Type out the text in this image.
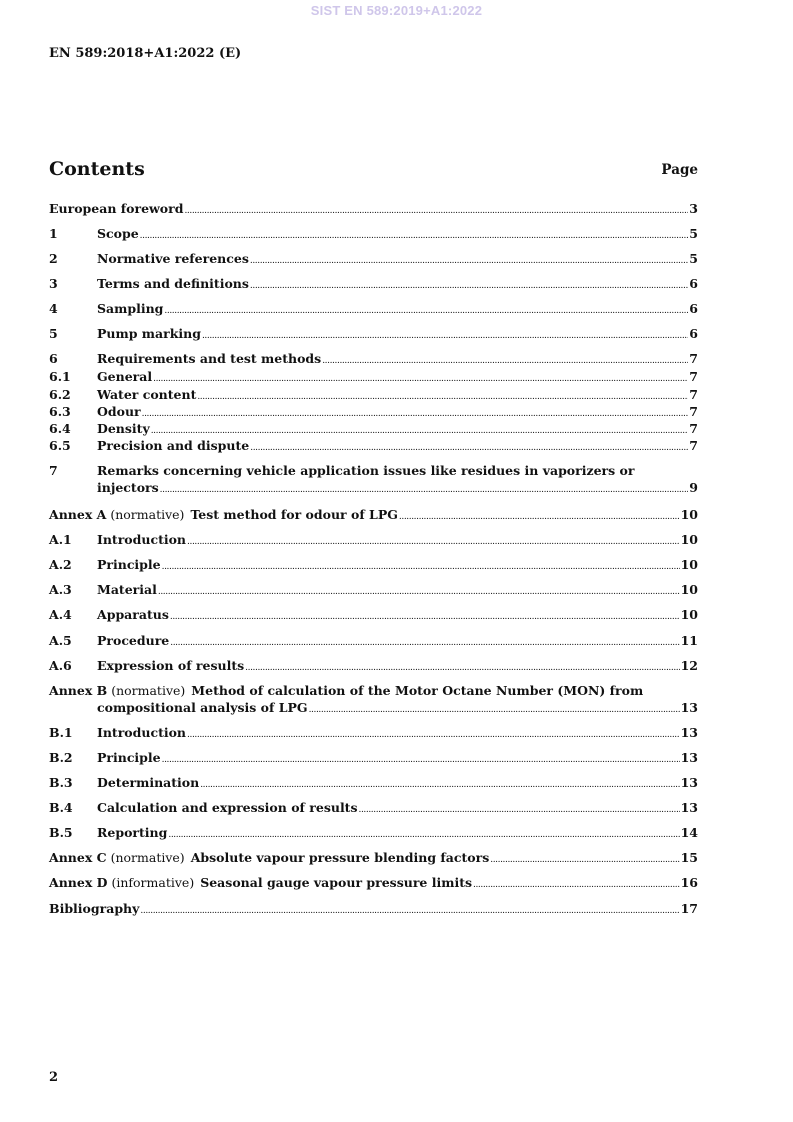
SIST EN 589:2019+A1:2022
EN 589:2018+A1:2022 (E)
Contents	Page
European foreword .....	3
1	Scope .....	5
2	Normative references .....	5
3	Terms and definitions .....	6
4	Sampling .....	6
5	Pump marking .....	6
6	Requirements and test methods .....	7
6.1	General .....	7
6.2	Water content .....	7
6.3	Odour .....	7
6.4	Density .....	7
6.5	Precision and dispute .....	7
7	Remarks concerning vehicle application issues like residues in vaporizers or
injectors .....	9
Annex A (normative) Test method for odour of LPG .....	10
A.1	Introduction .....	10
A.2	Principle .....	10
A.3	Material .....	10
A.4	Apparatus .....	10
A.5	Procedure .....	11
A.6	Expression of results .....	12
Annex B (normative) Method of calculation of the Motor Octane Number (MON) from
compositional analysis of LPG .....	13
B.1	Introduction .....	13
B.2	Principle .....	13
B.3	Determination .....	13
B.4	Calculation and expression of results .....	13
B.5	Reporting .....	14
Annex C (normative) Absolute vapour pressure blending factors .....	15
Annex D (informative) Seasonal gauge vapour pressure limits .....	16
Bibliography .....	17
2
